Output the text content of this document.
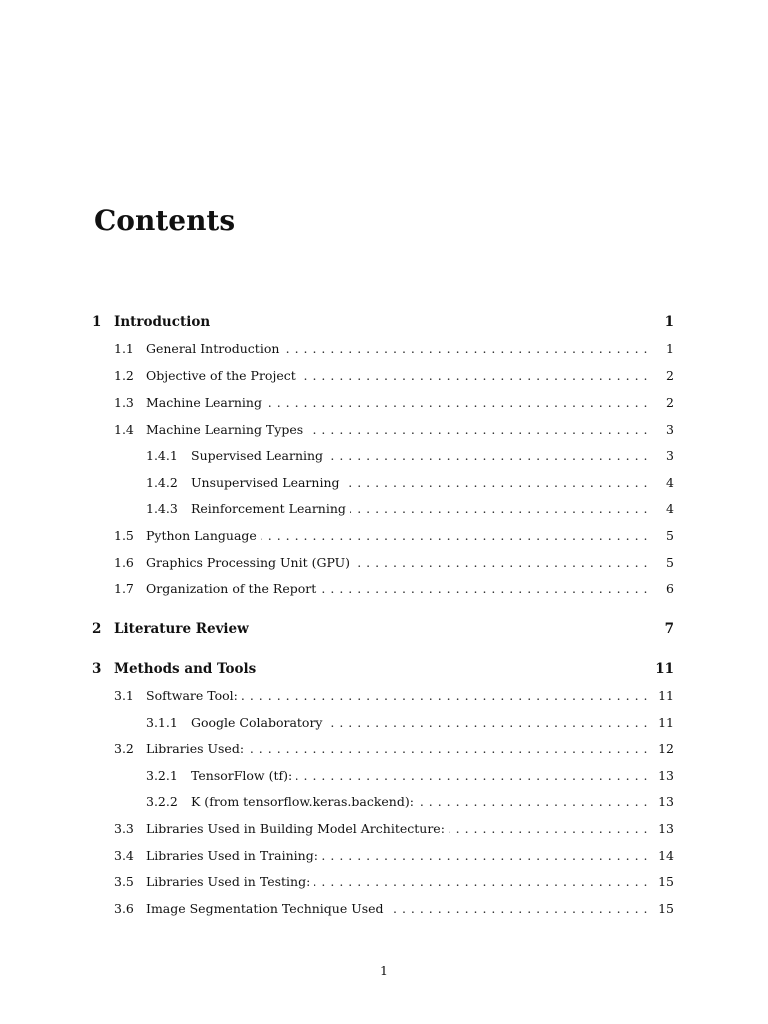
Contents
1 Introduction	1
1.1 . . . General Introduction	1
1.2 . . . Objective of the Project	2
1.3 . . . Machine Learning	2
1.4 . . . Machine Learning Types	3
1.4.1 . . . Supervised Learning	3
1.4.2 . . . Unsupervised Learning	4
1.4.3 . . . Reinforcement Learning	4
1.5 . . . Python Language	5
1.6 . . . Graphics Processing Unit (GPU)	5
1.7 . . . Organization of the Report	6
2 Literature Review	7
3 Methods and Tools	11
3.1 . . . Software Tool:	11
3.1.1 . . . Google Colaboratory	11
3.2 . . . Libraries Used:	12
3.2.1 . . . TensorFlow (tf):	13
3.2.2 . . . K (from tensorflow.keras.backend):	13
3.3 . . . Libraries Used in Building Model Architecture:	13
3.4 . . . Libraries Used in Training:	14
3.5 . . . Libraries Used in Testing:	15
3.6 . . . Image Segmentation Technique Used	15
1
